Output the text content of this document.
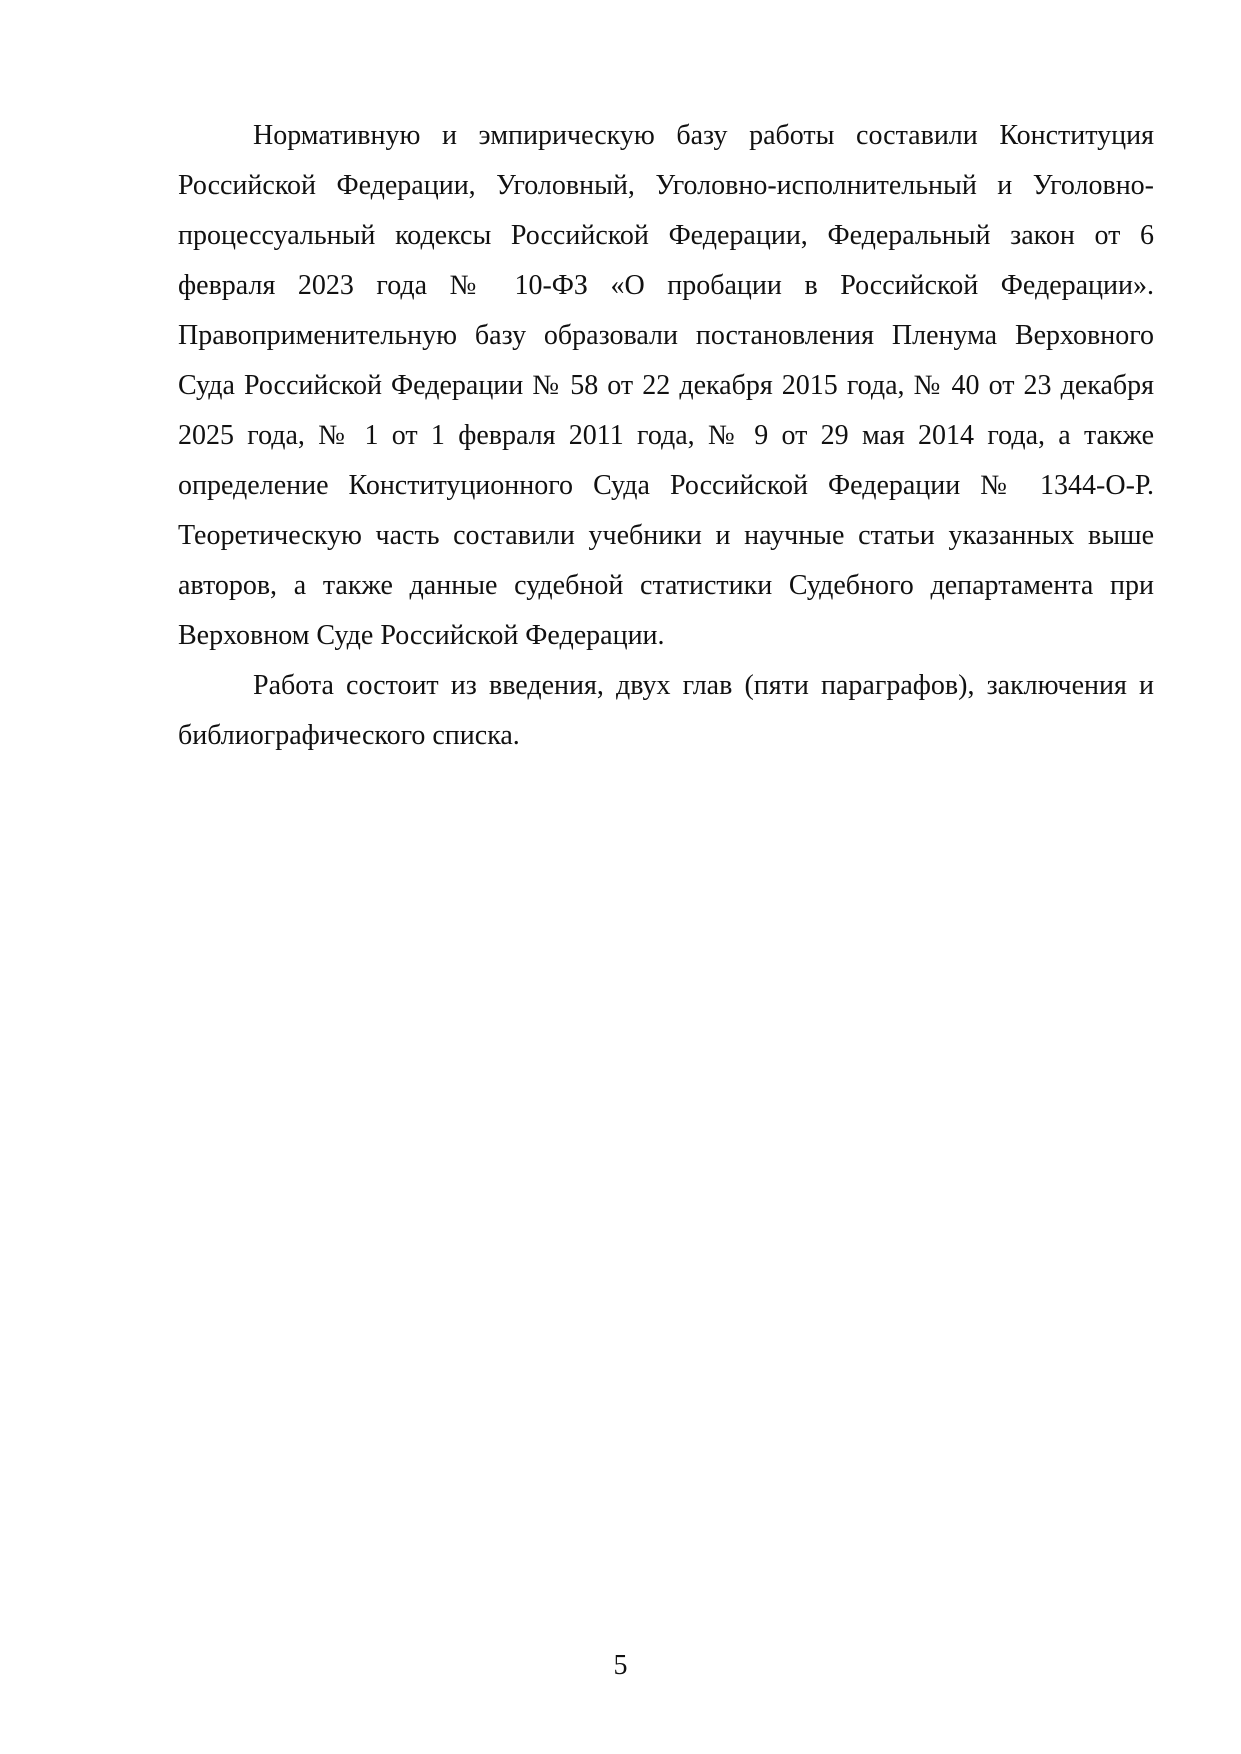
Нормативную и эмпирическую базу работы составили Конституция Российской Федерации, Уголовный, Уголовно-исполнительный и Уголовно-процессуальный кодексы Российской Федерации, Федеральный закон от 6 февраля 2023 года № 10-ФЗ «О пробации в Российской Федерации». Правоприменительную базу образовали постановления Пленума Верховного Суда Российской Федерации № 58 от 22 декабря 2015 года, № 40 от 23 декабря 2025 года, № 1 от 1 февраля 2011 года, № 9 от 29 мая 2014 года, а также определение Конституционного Суда Российской Федерации № 1344-О-Р. Теоретическую часть составили учебники и научные статьи указанных выше авторов, а также данные судебной статистики Судебного департамента при Верховном Суде Российской Федерации.

Работа состоит из введения, двух глав (пяти параграфов), заключения и библиографического списка.

5
